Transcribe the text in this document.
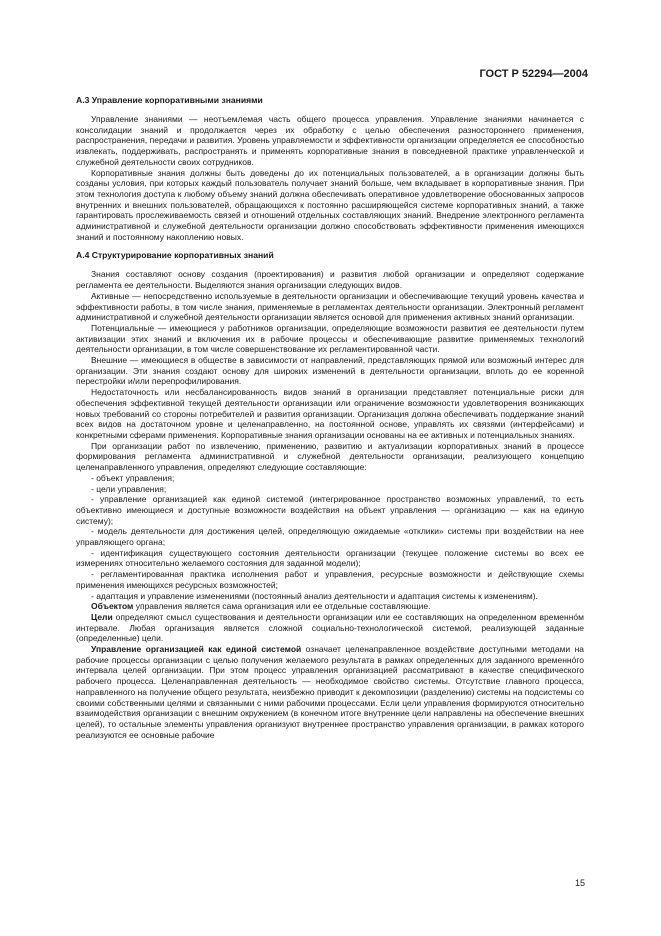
ГОСТ Р 52294—2004
А.3 Управление корпоративными знаниями

Управление знаниями — неотъемлемая часть общего процесса управления. Управление знаниями начинается с консолидации знаний и продолжается через их обработку с целью обеспечения разностороннего применения, распространения, передачи и развития. Уровень управляемости и эффективности организации определяется ее способностью извлекать, поддерживать, распространять и применять корпоративные знания в повседневной практике управленческой и служебной деятельности своих сотрудников.

Корпоративные знания должны быть доведены до их потенциальных пользователей, а в организации должны быть созданы условия, при которых каждый пользователь получает знаний больше, чем вкладывает в корпоративные знания. При этом технология доступа к любому объему знаний должна обеспечивать оперативное удовлетворение обоснованных запросов внутренних и внешних пользователей, обращающихся к постоянно расширяющейся системе корпоративных знаний, а также гарантировать прослеживаемость связей и отношений отдельных составляющих знаний. Внедрение электронного регламента административной и служебной деятельности организации должно способствовать эффективности применения имеющихся знаний и постоянному накоплению новых.

А.4 Структурирование корпоративных знаний

Знания составляют основу создания (проектирования) и развития любой организации и определяют содержание регламента ее деятельности. Выделяются знания организации следующих видов.

Активные — непосредственно используемые в деятельности организации и обеспечивающие текущий уровень качества и эффективности работы, в том числе знания, применяемые в регламентах деятельности организации. Электронный регламент административной и служебной деятельности организации является основой для применения активных знаний организации.

Потенциальные — имеющиеся у работников организации, определяющие возможности развития ее деятельности путем активизации этих знаний и включения их в рабочие процессы и обеспечивающие развитие применяемых технологий деятельности организации, в том числе совершенствование их регламентированной части.

Внешние — имеющиеся в обществе в зависимости от направлений, представляющих прямой или возможный интерес для организации. Эти знания создают основу для широких изменений в деятельности организации, вплоть до ее коренной перестройки и/или перепрофилирования.

Недостаточность или несбалансированность видов знаний в организации представляет потенциальные риски для обеспечения эффективной текущей деятельности организации или ограничение возможности удовлетворения возникающих новых требований со стороны потребителей и развития организации. Организация должна обеспечивать поддержание знаний всех видов на достаточном уровне и целенаправленно, на постоянной основе, управлять их связями (интерфейсами) и конкретными сферами применения. Корпоративные знания организации основаны на ее активных и потенциальных знаниях.

При организации работ по извлечению, применению, развитию и актуализации корпоративных знаний в процессе формирования регламента административной и служебной деятельности организации, реализующего концепцию целенаправленного управления, определяют следующие составляющие:

- объект управления;
- цели управления;
- управление организацией как единой системой (интегрированное пространство возможных управлений, то есть объективно имеющиеся и доступные возможности воздействия на объект управления — организацию — как на единую систему);
- модель деятельности для достижения целей, определяющую ожидаемые «отклики» системы при воздействии на нее управляющего органа;
- идентификация существующего состояния деятельности организации (текущее положение системы во всех ее измерениях относительно желаемого состояния для заданной модели);
- регламентированная практика исполнения работ и управления, ресурсные возможности и действующие схемы применения имеющихся ресурсных возможностей;
- адаптация и управление изменениями (постоянный анализ деятельности и адаптация системы к изменениям).

Объектом управления является сама организация или ее отдельные составляющие.

Цели определяют смысл существования и деятельности организации или ее составляющих на определенном временно́м интервале. Любая организация является сложной социально-технологической системой, реализующей заданные (определенные) цели.

Управление организацией как единой системой означает целенаправленное воздействие доступными методами на рабочие процессы организации с целью получения желаемого результата в рамках определенных для заданного временно́го интервала целей организации. При этом процесс управления организацией рассматривают в качестве специфического рабочего процесса. Целенаправленная деятельность — необходимое свойство системы. Отсутствие главного процесса, направленного на получение общего результата, неизбежно приводит к декомпозиции (разделению) системы на подсистемы со своими собственными целями и связанными с ними рабочими процессами. Если цели управления формируются относительно взаимодействия организации с внешним окружением (в конечном итоге внутренние цели направлены на обеспечение внешних целей), то остальные элементы управления организуют внутреннее пространство управления организации, в рамках которого реализуются ее основные рабочие

15
